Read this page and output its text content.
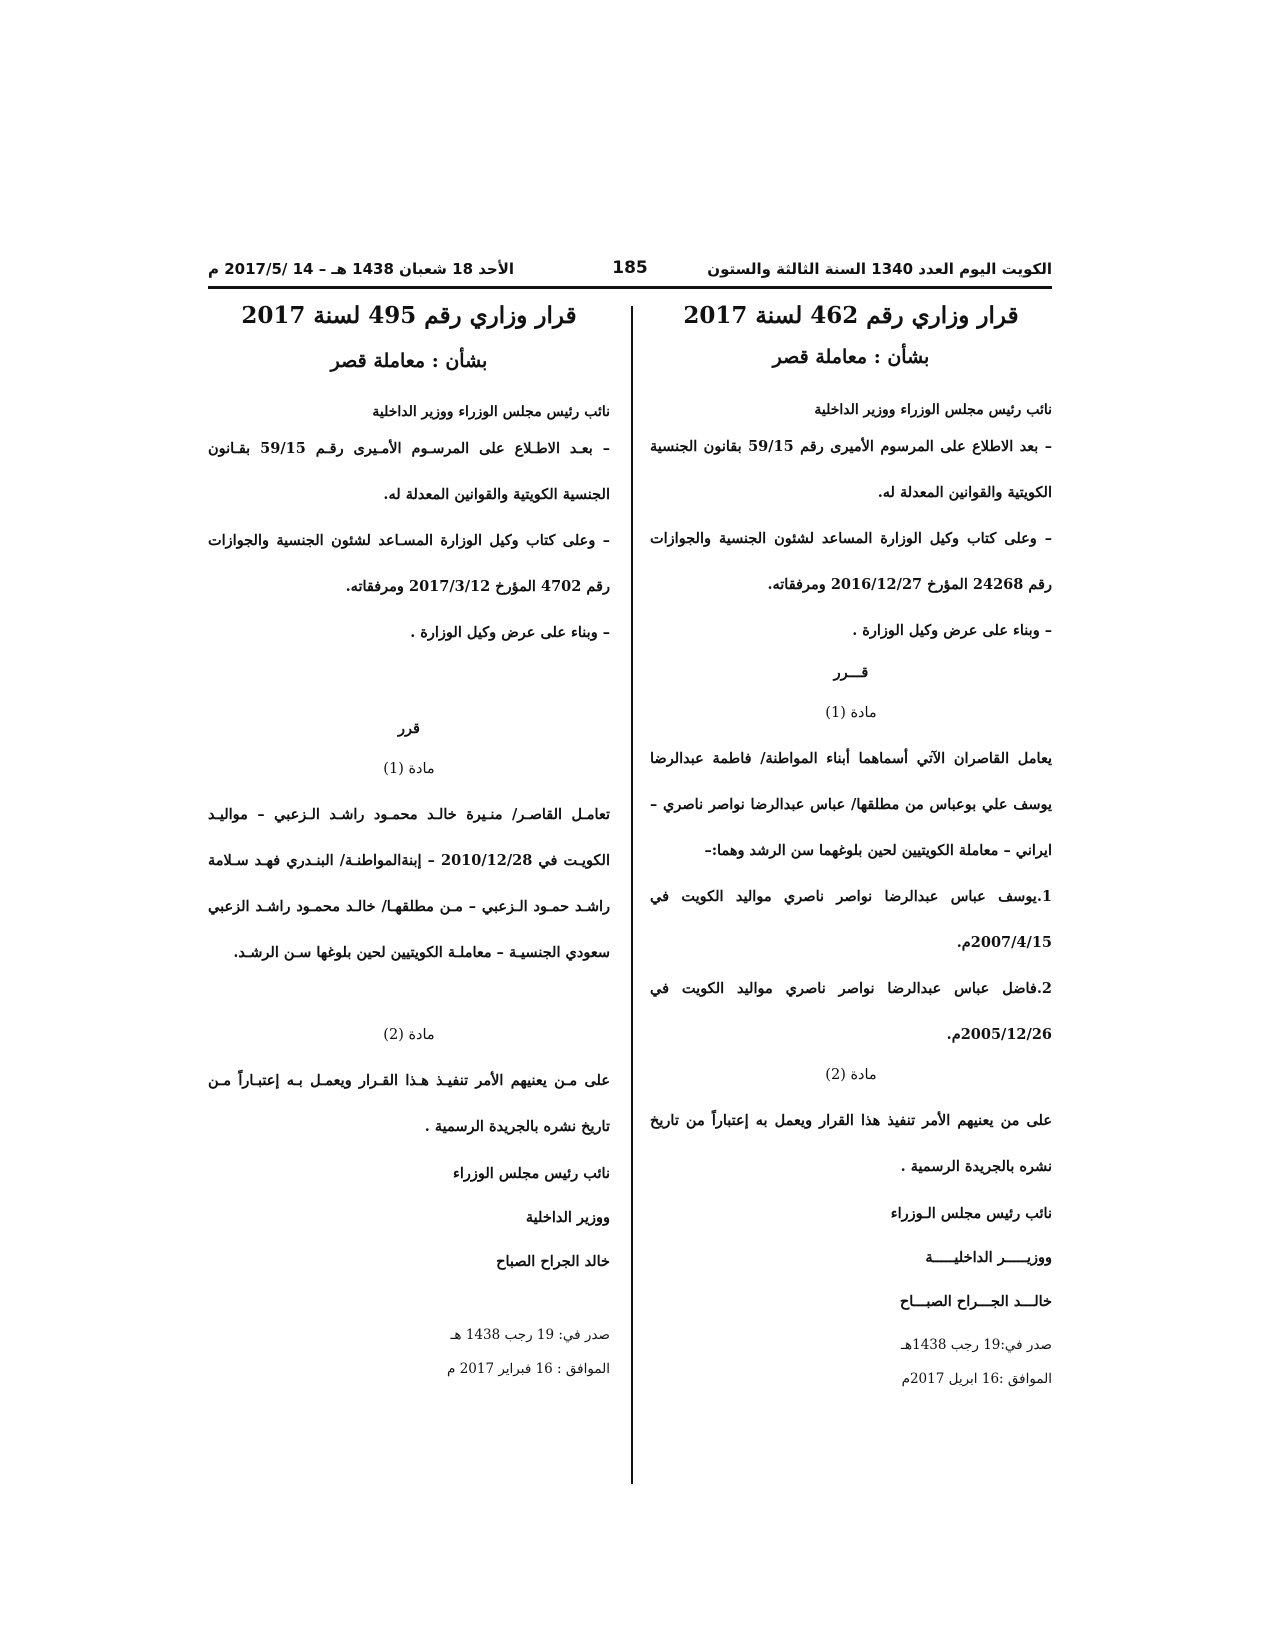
الكويت اليوم العدد 1340 السنة الثالثة والستون
185
الأحد 18 شعبان 1438 هـ – 14 /2017/5 م
قرار وزاري رقم 462 لسنة 2017

بشأن : معاملة قصر

نائب رئيس مجلس الوزراء ووزير الداخلية

– بعد الاطلاع على المرسوم الأميرى رقم 59/15 بقانون الجنسية الكويتية والقوانين المعدلة له.

– وعلى كتاب وكيل الوزارة المساعد لشئون الجنسية والجوازات رقم 24268 المؤرخ 2016/12/27 ومرفقاته.

– وبناء على عرض وكيل الوزارة .

قـــرر

مادة (1)

يعامل القاصران الآتي أسماهما أبناء المواطنة/ فاطمة عبدالرضا يوسف علي بوعباس من مطلقها/ عباس عبدالرضا نواصر ناصري – ايراني – معاملة الكويتيين لحين بلوغهما سن الرشد وهما:–

1.يوسف عباس عبدالرضا نواصر ناصري مواليد الكويت في 2007/4/15م.

2.فاضل عباس عبدالرضا نواصر ناصري مواليد الكويت في 2005/12/26م.

مادة (2)

على من يعنيهم الأمر تنفيذ هذا القرار ويعمل به إعتباراً من تاريخ نشره بالجريدة الرسمية .

نائب رئيس مجلس الـوزراء

ووزيـــــر الداخليـــــة

خالـــد الجـــراح الصبـــاح

صدر في:19 رجب 1438هـ

الموافق :16 ابريل 2017م

قرار وزاري رقم 495 لسنة 2017

بشأن : معاملة قصر

نائب رئيس مجلس الوزراء ووزير الداخلية

– بعـد الاطـلاع على المرسـوم الأمـيرى رقـم 59/15 بقـانون الجنسية الكويتية والقوانين المعدلة له.

– وعلى كتاب وكيل الوزارة المسـاعد لشئون الجنسية والجوازات رقم 4702 المؤرخ 2017/3/12 ومرفقاته.

– وبناء على عرض وكيل الوزارة .

قرر

مادة (1)

تعامـل القاصـر/ منـيرة خالـد محمـود راشـد الـزعبي – مواليـد الكويـت في 2010/12/28 – إبنةالمواطنـة/ البنـدري فهـد سـلامة راشـد حمـود الـزعبي – مـن مطلقهـا/ خالـد محمـود راشـد الزعبي سعودي الجنسيـة – معاملـة الكويتيين لحين بلوغها سـن الرشـد.

مادة (2)

على مـن يعنيهم الأمر تنفيـذ هـذا القـرار ويعمـل بـه إعتبـاراً مـن تاريخ نشره بالجريدة الرسمية .

نائب رئيس مجلس الوزراء

ووزير الداخلية

خالد الجراح الصباح

صدر في: 19 رجب 1438 هـ

الموافق : 16 فبراير 2017 م
